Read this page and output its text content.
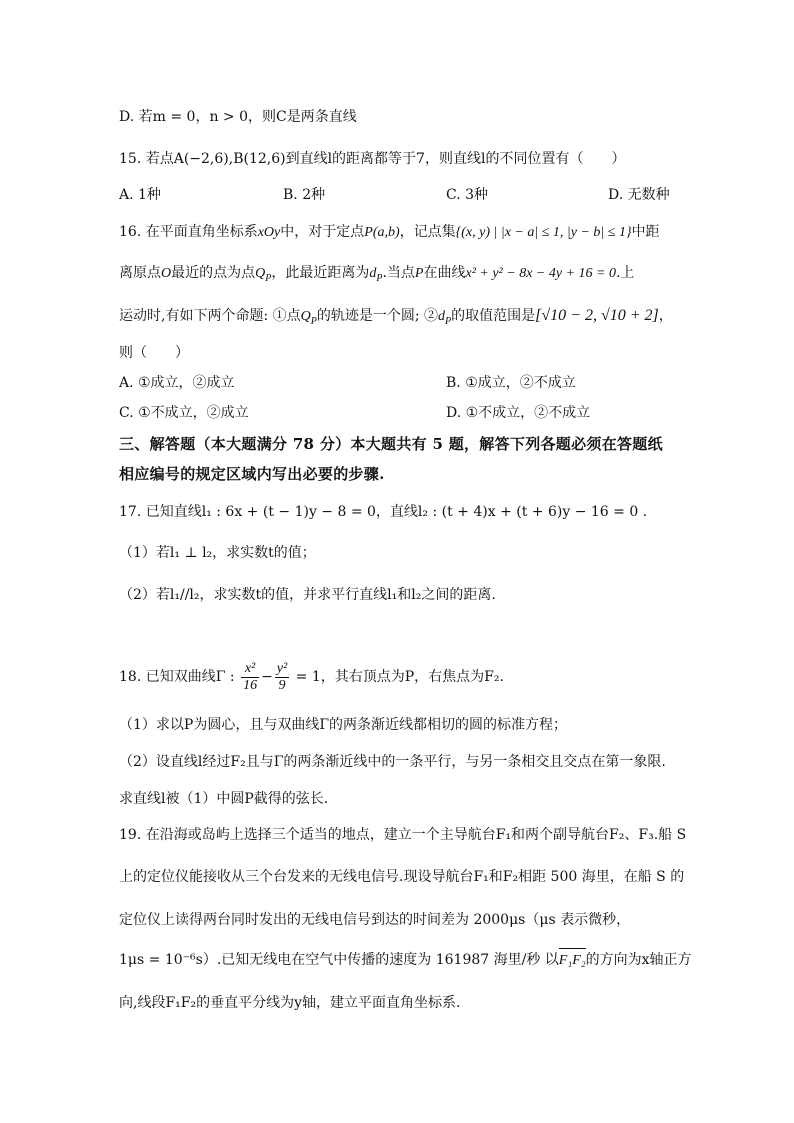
D. 若m = 0，n > 0，则C是两条直线
15. 若点A(−2,6),B(12,6)到直线l的距离都等于7，则直线l的不同位置有（　　）
A. 1种	B. 2种	C. 3种	D. 无数种
16. 在平面直角坐标系xOy中，对于定点P(a,b)，记点集{(x, y) | |x − a| ≤ 1, |y − b| ≤ 1}中距
离原点O最近的点为点$Q_P$，此最近距离为$d_P$.当点P在曲线x² + y² − 8x − 4y + 16 = 0.上
运动时,有如下两个命题: ①点$Q_P$的轨迹是一个圆; $②d_P$的取值范围是[√10 − 2, √10 + 2]，
则（　　）
A. ①成立，②成立	B. ①成立，②不成立
C. ①不成立，②成立	D. ①不成立，②不成立
三、解答题（本大题满分 78 分）本大题共有 5 题，解答下列各题必须在答题纸
相应编号的规定区域内写出必要的步骤.
17. 已知直线l₁ : 6x + (t − 1)y − 8 = 0，直线l₂ : (t + 4)x + (t + 6)y − 16 = 0 .
（1）若l₁ ⊥ l₂，求实数t的值；
（2）若l₁//l₂，求实数t的值，并求平行直线l₁和l₂之间的距离.
18. 已知双曲线Γ : $\frac{\text{x²}}{16} - \frac{\text{y²}}{9} = 1$，其右顶点为P，右焦点为F₂.
（1）求以P为圆心，且与双曲线Γ的两条渐近线都相切的圆的标准方程；
（2）设直线l经过F₂且与Γ的两条渐近线中的一条平行，与另一条相交且交点在第一象限.
求直线l被（1）中圆P截得的弦长.
19. 在沿海或岛屿上选择三个适当的地点，建立一个主导航台F₁和两个副导航台F₂、F₃.船 S
上的定位仪能接收从三个台发来的无线电信号.现设导航台F₁和F₂相距 500 海里，在船 S 的
定位仪上读得两台同时发出的无线电信号到达的时间差为 2000μs（μs 表示微秒，
1μs = 10⁻⁶s）.已知无线电在空气中传播的速度为 161987 海里/秒 以F₁F₂的方向为x轴正方
向,线段F₁F₂的垂直平分线为y轴，建立平面直角坐标系.
